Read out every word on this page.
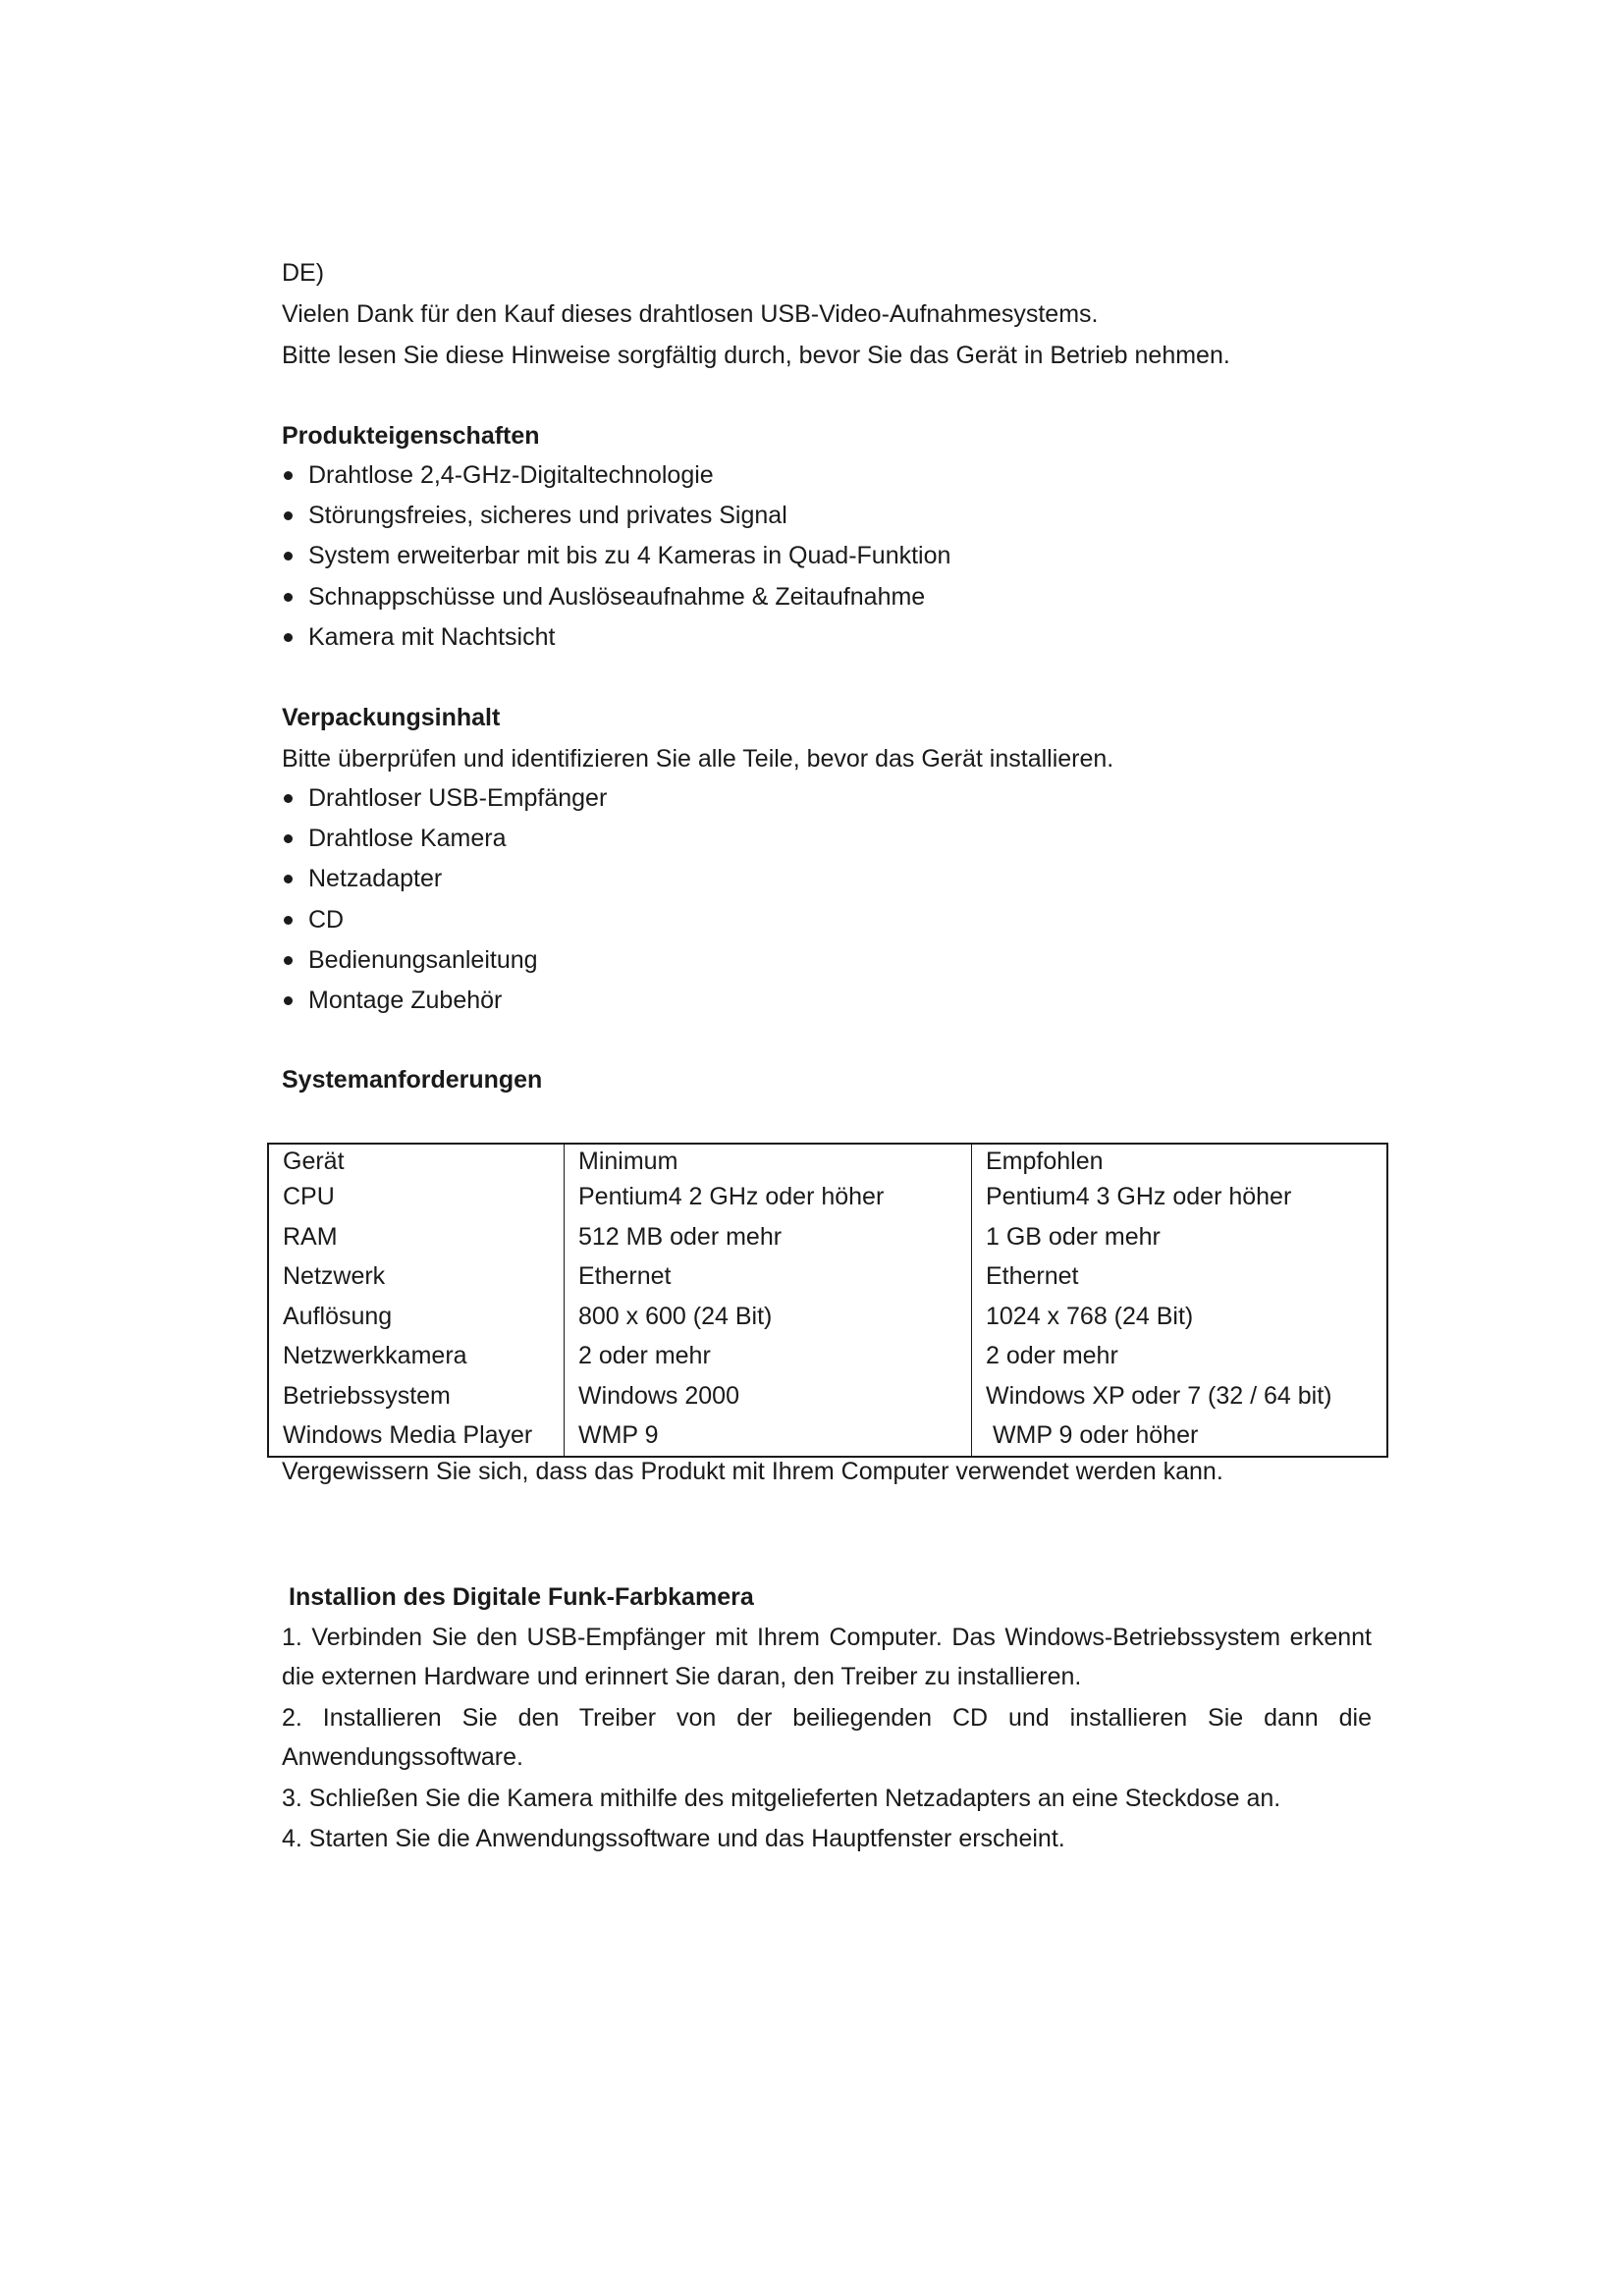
DE)
Vielen Dank für den Kauf dieses drahtlosen USB-Video-Aufnahmesystems.
Bitte lesen Sie diese Hinweise sorgfältig durch, bevor Sie das Gerät in Betrieb nehmen.
Produkteigenschaften
Drahtlose 2,4-GHz-Digitaltechnologie
Störungsfreies, sicheres und privates Signal
System erweiterbar mit bis zu 4 Kameras in Quad-Funktion
Schnappschüsse und Auslöseaufnahme & Zeitaufnahme
Kamera mit Nachtsicht
Verpackungsinhalt
Bitte überprüfen und identifizieren Sie alle Teile, bevor das Gerät installieren.
Drahtloser USB-Empfänger
Drahtlose Kamera
Netzadapter
CD
Bedienungsanleitung
Montage Zubehör
Systemanforderungen
Gerät	Minimum	Empfohlen
CPU	Pentium4 2 GHz oder höher	Pentium4 3 GHz oder höher
RAM	512 MB oder mehr	1 GB oder mehr
Netzwerk	Ethernet	Ethernet
Auflösung	800 x 600 (24 Bit)	1024 x 768 (24 Bit)
Netzwerkkamera	2 oder mehr	2 oder mehr
Betriebssystem	Windows 2000	Windows XP oder 7 (32 / 64 bit)
Windows Media Player	WMP 9	WMP 9 oder höher
Vergewissern Sie sich, dass das Produkt mit Ihrem Computer verwendet werden kann.
Installion des Digitale Funk-Farbkamera
1. Verbinden Sie den USB-Empfänger mit Ihrem Computer. Das Windows-Betriebssystem erkennt die externen Hardware und erinnert Sie daran, den Treiber zu installieren.
2. Installieren Sie den Treiber von der beiliegenden CD und installieren Sie dann die Anwendungssoftware.
3. Schließen Sie die Kamera mithilfe des mitgelieferten Netzadapters an eine Steckdose an.
4. Starten Sie die Anwendungssoftware und das Hauptfenster erscheint.
